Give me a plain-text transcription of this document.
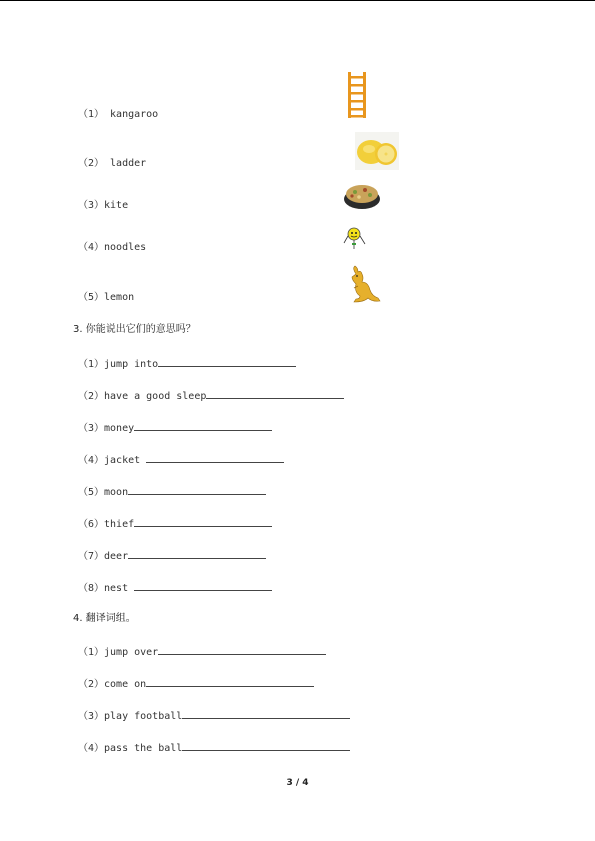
（1） kangaroo
（2） ladder
（3）kite
（4）noodles
（5）lemon
3. 你能说出它们的意思吗？
（1）jump into
（2）have a good sleep
（3）money
（4）jacket
（5）moon
（6）thief
（7）deer
（8）nest
4. 翻译词组。
（1）jump over
（2）come on
（3）play football
（4）pass the ball
3 / 4
